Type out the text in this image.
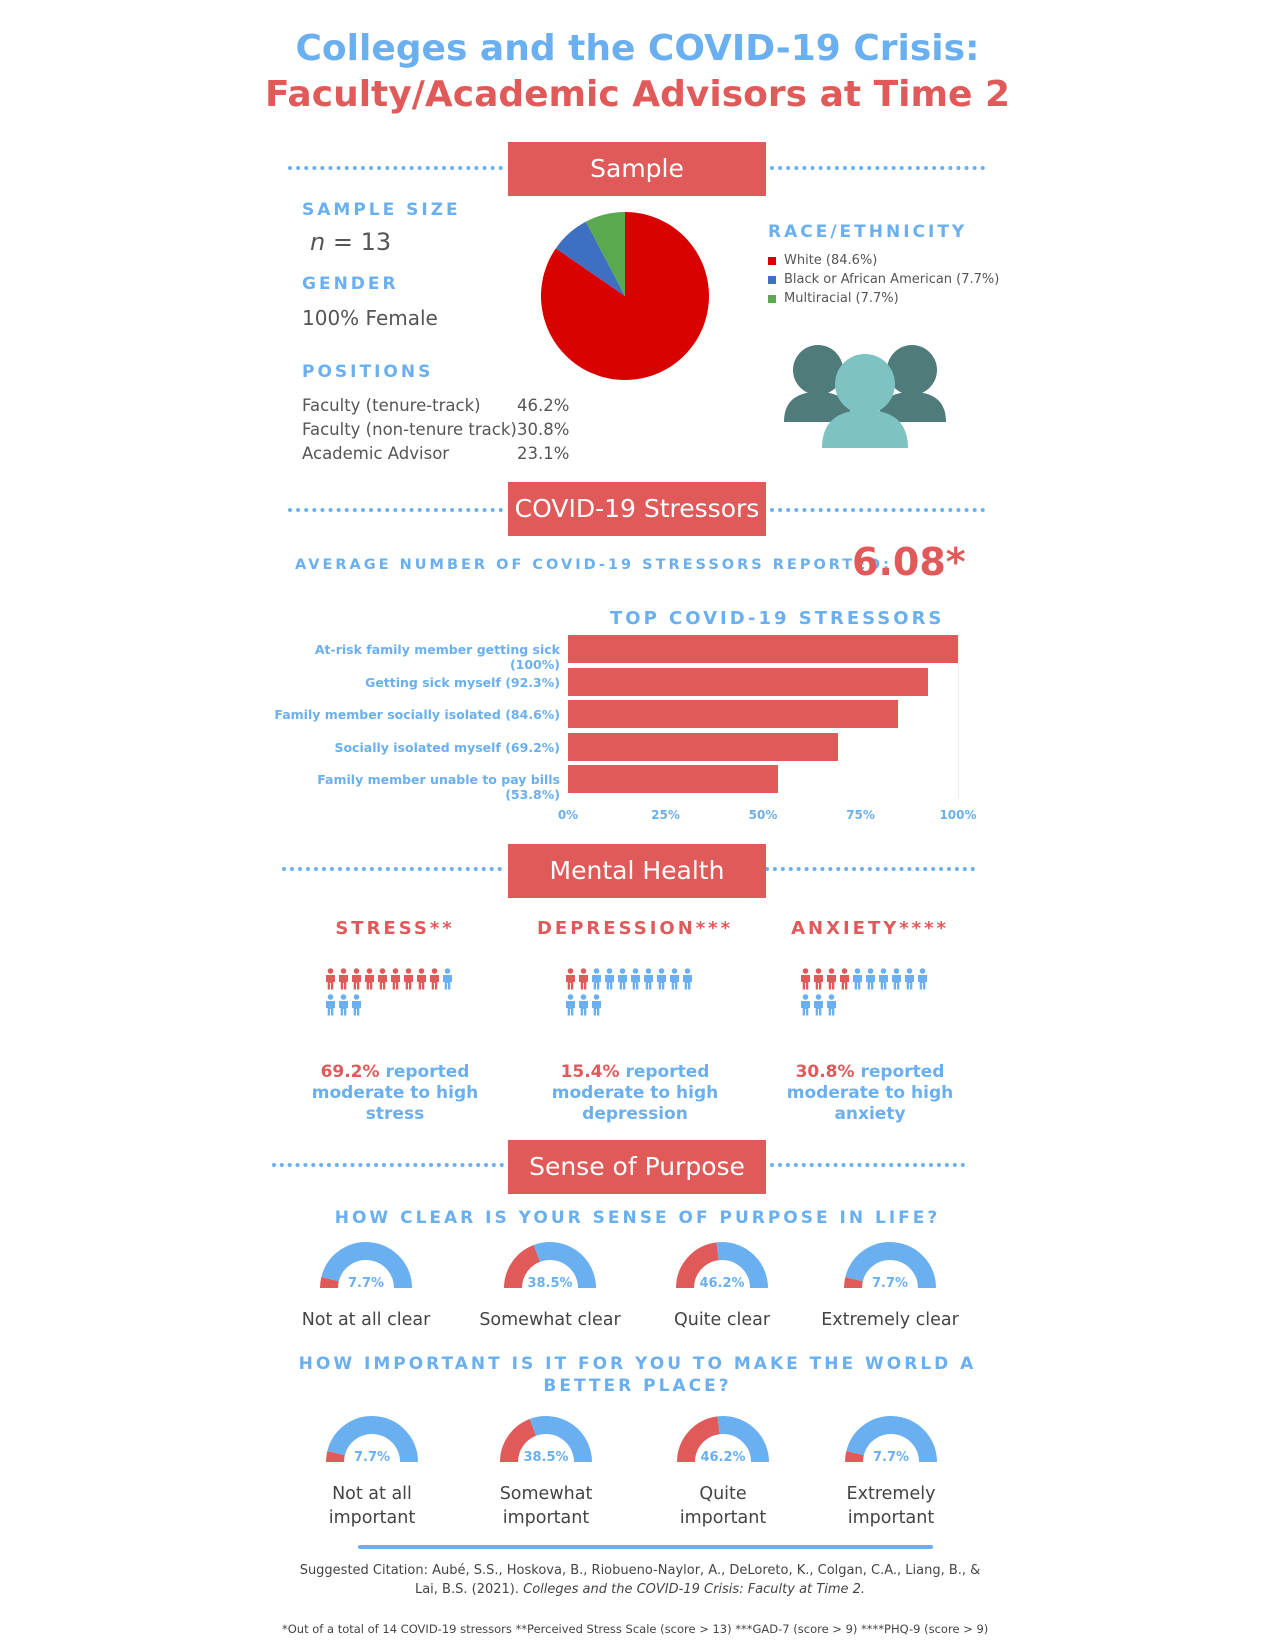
Colleges and the COVID-19 Crisis:
Faculty/Academic Advisors at Time 2
Sample
SAMPLE SIZE
n = 13
GENDER
100% Female
POSITIONS
Faculty (tenure-track)	46.2%
Faculty (non-tenure track) 30.8%
Academic Advisor	23.1%
RACE/ETHNICITY
White (84.6%)
Black or African American (7.7%)
Multiracial (7.7%)
COVID-19 Stressors
AVERAGE NUMBER OF COVID-19 STRESSORS REPORTED:
6.08*
TOP COVID-19 STRESSORS
At-risk family member getting sick (100%)
Getting sick myself (92.3%)
Family member socially isolated (84.6%)
Socially isolated myself (69.2%)
Family member unable to pay bills (53.8%)
0%	25%	50%	75%	100%
Mental Health
STRESS**

69.2% reported
moderate to high stress
DEPRESSION***

15.4% reported
moderate to high
depression
ANXIETY****

30.8% reported
moderate to high
anxiety
Sense of Purpose
HOW CLEAR IS YOUR SENSE OF PURPOSE IN LIFE?
7.7%
Not at all clear
38.5%
Somewhat clear
46.2%
Quite clear
7.7%
Extremely clear
HOW IMPORTANT IS IT FOR YOU TO MAKE THE WORLD A
BETTER PLACE?
7.7%
Not at all
important
38.5%
Somewhat
important
46.2%
Quite
important
7.7%
Extremely
important
Suggested Citation: Aubé, S.S., Hoskova, B., Riobueno-Naylor, A., DeLoreto, K., Colgan, C.A., Liang, B., &
Lai, B.S. (2021). Colleges and the COVID-19 Crisis: Faculty at Time 2.
*Out of a total of 14 COVID-19 stressors **Perceived Stress Scale (score > 13) ***GAD-7 (score > 9) ****PHQ-9 (score > 9)
